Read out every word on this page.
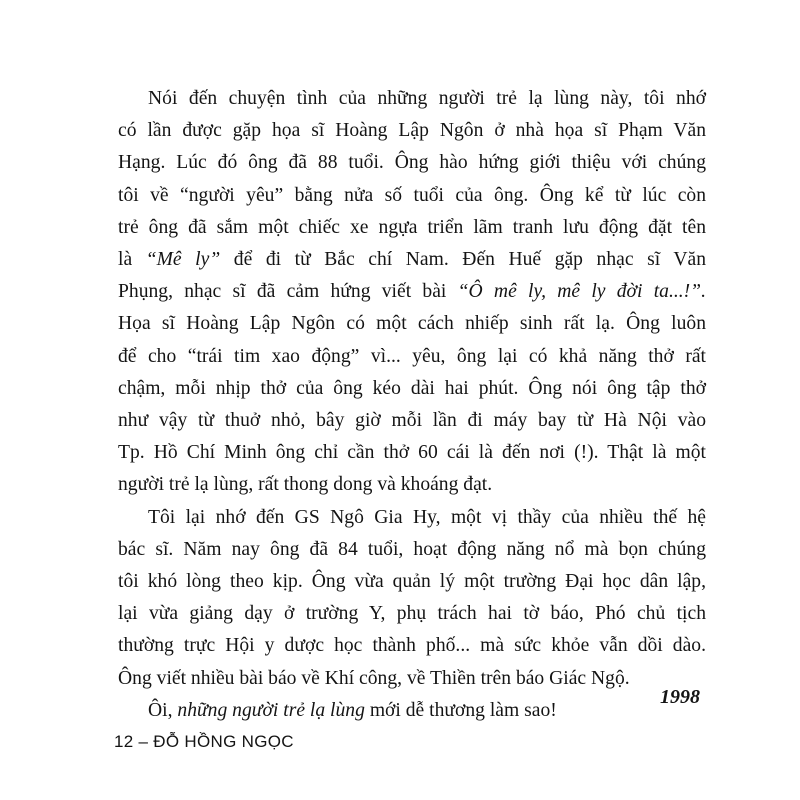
Nói đến chuyện tình của những người trẻ lạ lùng này, tôi nhớ
có lần được gặp họa sĩ Hoàng Lập Ngôn ở nhà họa sĩ Phạm Văn
Hạng. Lúc đó ông đã 88 tuổi. Ông hào hứng giới thiệu với chúng
tôi về “người yêu” bằng nửa số tuổi của ông. Ông kể từ lúc còn
trẻ ông đã sắm một chiếc xe ngựa triển lãm tranh lưu động đặt tên
là “Mê ly” để đi từ Bắc chí Nam. Đến Huế gặp nhạc sĩ Văn
Phụng, nhạc sĩ đã cảm hứng viết bài “Ô mê ly, mê ly đời ta...!”.
Họa sĩ Hoàng Lập Ngôn có một cách nhiếp sinh rất lạ. Ông luôn
để cho “trái tim xao động” vì... yêu, ông lại có khả năng thở rất
chậm, mỗi nhịp thở của ông kéo dài hai phút. Ông nói ông tập thở
như vậy từ thuở nhỏ, bây giờ mỗi lần đi máy bay từ Hà Nội vào
Tp. Hồ Chí Minh ông chỉ cần thở 60 cái là đến nơi (!). Thật là một
người trẻ lạ lùng, rất thong dong và khoáng đạt.
Tôi lại nhớ đến GS Ngô Gia Hy, một vị thầy của nhiều thế hệ
bác sĩ. Năm nay ông đã 84 tuổi, hoạt động năng nổ mà bọn chúng
tôi khó lòng theo kịp. Ông vừa quản lý một trường Đại học dân lập,
lại vừa giảng dạy ở trường Y, phụ trách hai tờ báo, Phó chủ tịch
thường trực Hội y dược học thành phố... mà sức khỏe vẫn dồi dào.
Ông viết nhiều bài báo về Khí công, về Thiền trên báo Giác Ngộ.
Ôi, những người trẻ lạ lùng mới dễ thương làm sao!
1998
12 – ĐỖ HỒNG NGỌC
